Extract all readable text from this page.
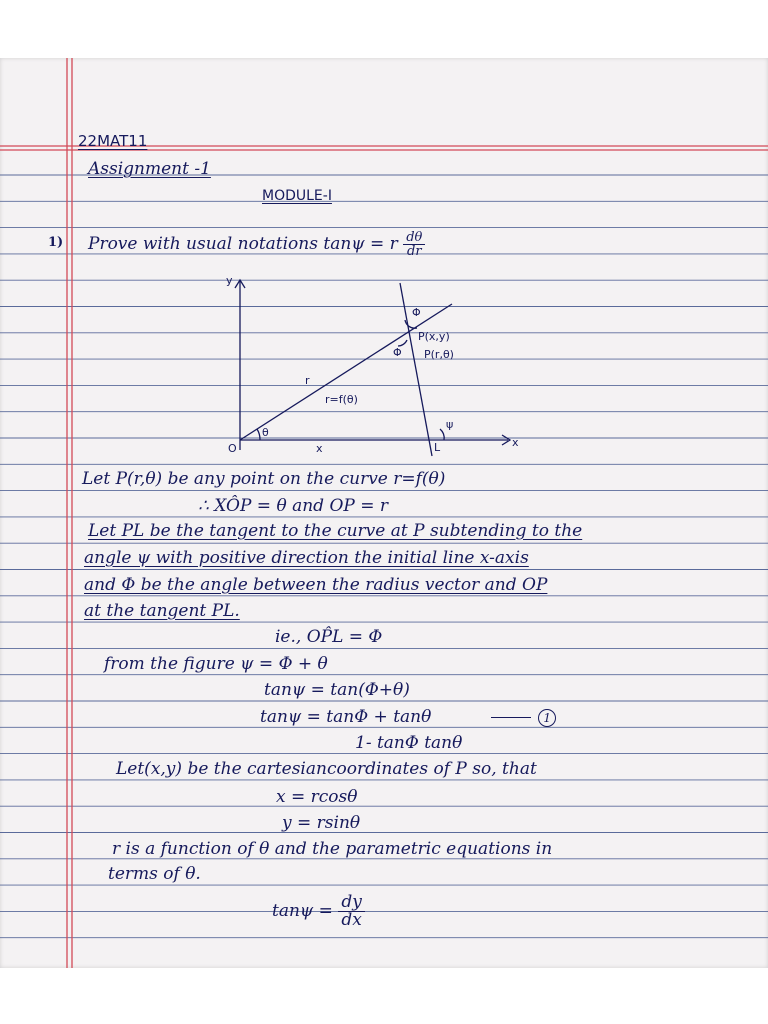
22MAT11
Assignment -1
MODULE-I
1) Prove with usual notations tanψ = r $\frac{d\theta}{dr}$
y
x
O	x
θ
r
r=f(θ)
Φ
Φ
P(x,y)
P(r,θ)
ψ
L
Let P(r,θ) be any point on the curve r=f(θ)
∴ XÔP = θ and OP = r
Let PL be the tangent to the curve at P subtending to the
angle ψ with positive direction the initial line x-axis
and Φ be the angle between the radius vector and OP
at the tangent PL.
ie., OP̂L = Φ
from the figure ψ = Φ + θ
tanψ = tan(Φ+θ)
tanψ = tanΦ + tanθ	1
1- tanΦ tanθ
Let(x,y) be the cartesiancoordinates of P so, that
x = rcosθ
y = rsinθ
r is a function of θ and the parametric equations in
terms of θ.
$\tan\psi = \frac{dy}{dx}$
